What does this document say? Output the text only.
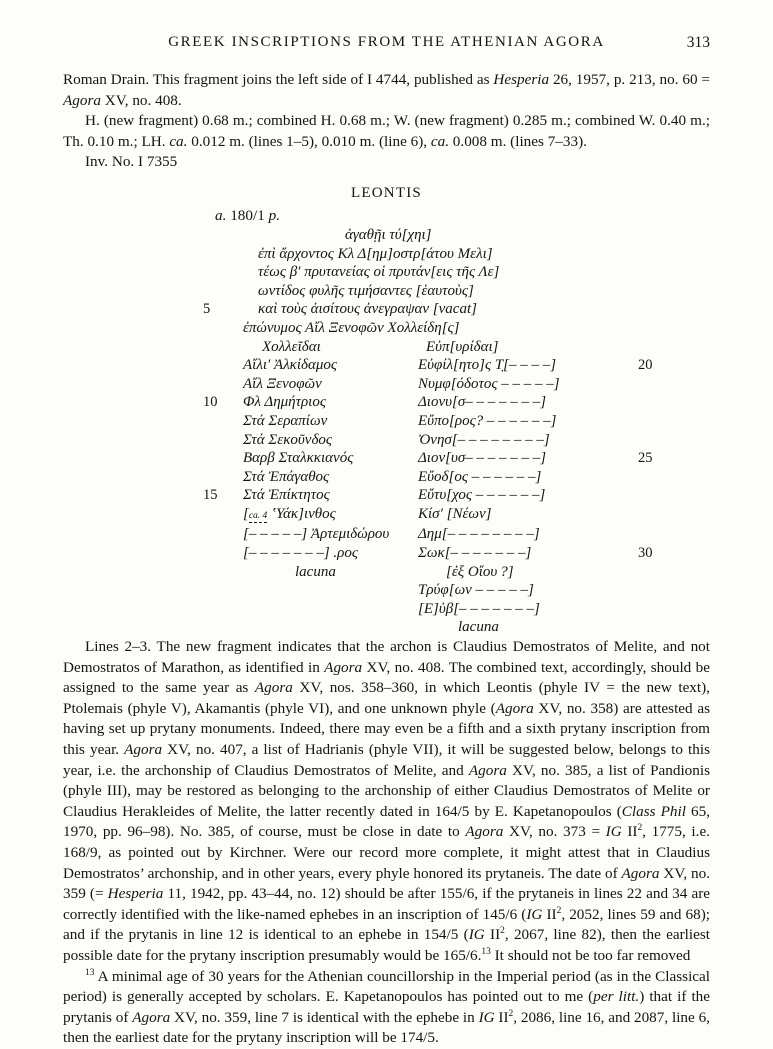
GREEK INSCRIPTIONS FROM THE ATHENIAN AGORA	313

Roman Drain. This fragment joins the left side of I 4744, published as Hesperia 26, 1957, p. 213, no. 60 = Agora XV, no. 408.

H. (new fragment) 0.68 m.; combined H. 0.68 m.; W. (new fragment) 0.285 m.; combined W. 0.40 m.; Th. 0.10 m.; LH. ca. 0.012 m. (lines 1–5), 0.010 m. (line 6), ca. 0.008 m. (lines 7–33).

Inv. No. I 7355

LEONTIS
a. 180/1 p.
ἀγαθῇι τύ[χηι]
ἐπὶ ἄρχοντος Κλ Δ[ημ]οστρ[άτου Μελι]
τέως β′ πρυτανείας οἱ πρυτάν[εις τῆς Λε]
ωντίδος φυλῆς τιμήσαντες [ἑαυτοὺς]
5	καὶ τοὺς ἀισίτους ἀνεγραψαν [vacat]
ἐπώνυμος Αἴλ Ξενοφῶν Χολλείδη[ς]
Χολλεῖδαι	Εὐπ[υρίδαι]
Αἴλι′ Ἀλκίδαμος	Εὐφίλ[ητο]ς Τ̣[– – – –]	20
Αἴλ Ξενοφῶν	Νυμφ[όδοτος – – – – –]
10	Φλ Δημήτριος	Διονυ[σ– – – – – – –]
Στά Σεραπίων	Εὔπο[ρος? – – – – – –]
Στά Σεκοῦνδος	Ὀνησ[– – – – – – – –]
Βαρβ Σταλκκιανός	Διον[υσ– – – – – – –]	25
Στά Ἐπάγαθος	Εὔοδ[ος – – – – – –]
15	Στά Ἐπίκτητος	Εὔτυ[χος – – – – – –]
[ca. 4 ʽΥάκ]ινθος	Κίσ′ [Νέων]
[– – – – –] Ἀρτεμιδώρου	Δημ[– – – – – – – –]
[– – – – – – –] .ρος	Σωκ[– – – – – – –]	30
lacuna	[ἐξ Οἴου ?]
Τρύφ[ων – – – – –]
[Ε]ὐβ[– – – – – – –]
lacuna

Lines 2–3. The new fragment indicates that the archon is Claudius Demostratos of Melite, and not Demostratos of Marathon, as identified in Agora XV, no. 408. The combined text, accordingly, should be assigned to the same year as Agora XV, nos. 358–360, in which Leontis (phyle IV = the new text), Ptolemais (phyle V), Akamantis (phyle VI), and one unknown phyle (Agora XV, no. 358) are attested as having set up prytany monuments. Indeed, there may even be a fifth and a sixth prytany inscription from this year. Agora XV, no. 407, a list of Hadrianis (phyle VII), it will be suggested below, belongs to this year, i.e. the archonship of Claudius Demostratos of Melite, and Agora XV, no. 385, a list of Pandionis (phyle III), may be restored as belonging to the archonship of either Claudius Demostratos of Melite or Claudius Herakleides of Melite, the latter recently dated in 164/5 by E. Kapetanopoulos (Class Phil 65, 1970, pp. 96–98). No. 385, of course, must be close in date to Agora XV, no. 373 = IG $II^2$, 1775, i.e. 168/9, as pointed out by Kirchner. Were our record more complete, it might attest that in Claudius Demostratos’ archonship, and in other years, every phyle honored its prytaneis. The date of Agora XV, no. 359 (= Hesperia 11, 1942, pp. 43–44, no. 12) should be after 155/6, if the prytaneis in lines 22 and 34 are correctly identified with the like-named ephebes in an inscription of 145/6 (IG $II^2$, 2052, lines 59 and 68); and if the prytanis in line 12 is identical to an ephebe in 154/5 (IG $II^2$, 2067, line 82), then the earliest possible date for the prytany inscription presumably would be 165/6.13 It should not be too far removed

$^{13}$ A minimal age of 30 years for the Athenian councillorship in the Imperial period (as in the Classical period) is generally accepted by scholars. E. Kapetanopoulos has pointed out to me (per litt.) that if the prytanis of Agora XV, no. 359, line 7 is identical with the ephebe in IG $II^2$, 2086, line 16, and 2087, line 6, then the earliest date for the prytany inscription will be 174/5.
